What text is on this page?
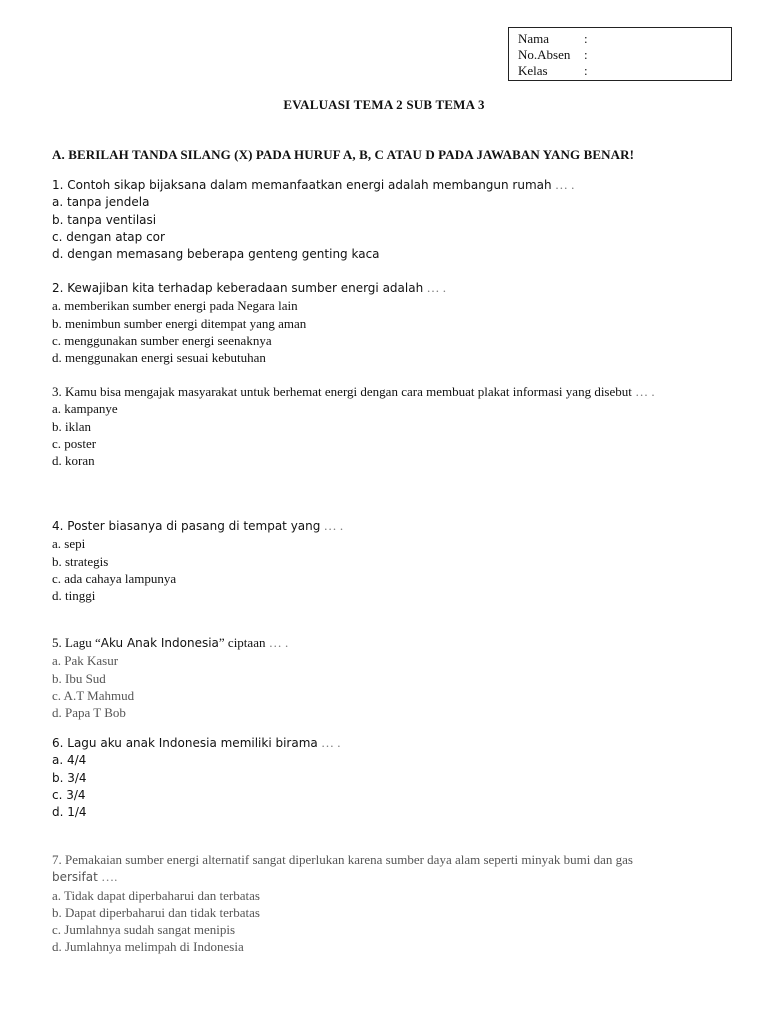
Nama	:
No.Absen	:
Kelas	:
EVALUASI TEMA 2 SUB TEMA 3
A. BERILAH TANDA SILANG (X) PADA HURUF A, B, C ATAU D PADA JAWABAN YANG BENAR!
1. Contoh sikap bijaksana dalam memanfaatkan energi adalah membangun rumah … .
a. tanpa jendela
b. tanpa ventilasi
c. dengan atap cor
d. dengan memasang beberapa genteng genting kaca
2. Kewajiban kita terhadap keberadaan sumber energi adalah … .
a. memberikan sumber energi pada Negara lain
b. menimbun sumber energi ditempat yang aman
c. menggunakan sumber energi seenaknya
d. menggunakan energi sesuai kebutuhan
3. Kamu bisa mengajak masyarakat untuk berhemat energi dengan cara membuat plakat informasi yang disebut … .
a. kampanye
b. iklan
c. poster
d. koran
4. Poster biasanya di pasang di tempat yang … .
a. sepi
b. strategis
c. ada cahaya lampunya
d. tinggi
5. Lagu “Aku Anak Indonesia” ciptaan … .
a. Pak Kasur
b. Ibu Sud
c. A.T Mahmud
d. Papa T Bob
6. Lagu aku anak Indonesia memiliki birama … .
a. 4/4
b. 3/4
c. 3/4
d. 1/4
7. Pemakaian sumber energi alternatif sangat diperlukan karena sumber daya alam seperti minyak bumi dan gas
bersifat ….
a. Tidak dapat diperbaharui dan terbatas
b. Dapat diperbaharui dan tidak terbatas
c. Jumlahnya sudah sangat menipis
d. Jumlahnya melimpah di Indonesia
